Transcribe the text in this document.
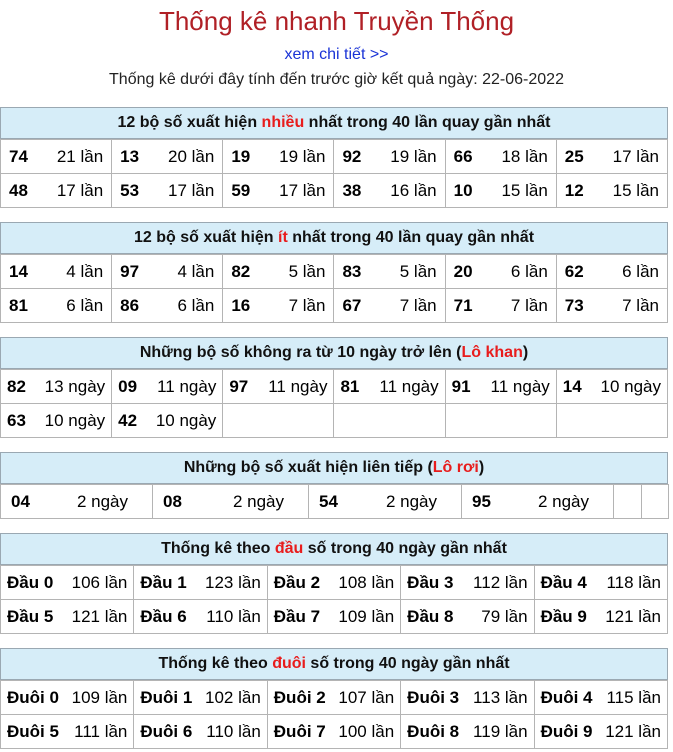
Thống kê nhanh Truyền Thống
xem chi tiết >>
Thống kê dưới đây tính đến trước giờ kết quả ngày: 22-06-2022
12 bộ số xuất hiện nhiều nhất trong 40 lần quay gần nhất
74 21 lần	13 20 lần	19 19 lần	92 19 lần	66 18 lần	25 17 lần

48 17 lần	53 17 lần	59 17 lần	38 16 lần	10 15 lần	12 15 lần
12 bộ số xuất hiện ít nhất trong 40 lần quay gần nhất
14 4 lần	97 4 lần	82 5 lần	83 5 lần	20 6 lần	62 6 lần

81 6 lần	86 6 lần	16 7 lần	67 7 lần	71 7 lần	73 7 lần
Những bộ số không ra từ 10 ngày trở lên (Lô khan)
82 13 ngày	09 11 ngày	97 11 ngày	81 11 ngày	91 11 ngày	14 10 ngày

63 10 ngày	42 10 ngày				

Những bộ số xuất hiện liên tiếp (Lô rơi)
04	2 ngày	08	2 ngày	54	2 ngày	95	2 ngày

Thống kê theo đầu số trong 40 ngày gần nhất
Đầu 0 106 lần	Đầu 1 123 lần	Đầu 2 108 lần	Đầu 3 112 lần	Đầu 4 118 lần

Đầu 5 121 lần	Đầu 6 110 lần	Đầu 7 109 lần	Đầu 8 79 lần	Đầu 9 121 lần
Thống kê theo đuôi số trong 40 ngày gần nhất
Đuôi 0 109 lần	Đuôi 1 102 lần	Đuôi 2 107 lần	Đuôi 3 113 lần	Đuôi 4 115 lần

Đuôi 5 111 lần	Đuôi 6 110 lần	Đuôi 7 100 lần	Đuôi 8 119 lần	Đuôi 9 121 lần
